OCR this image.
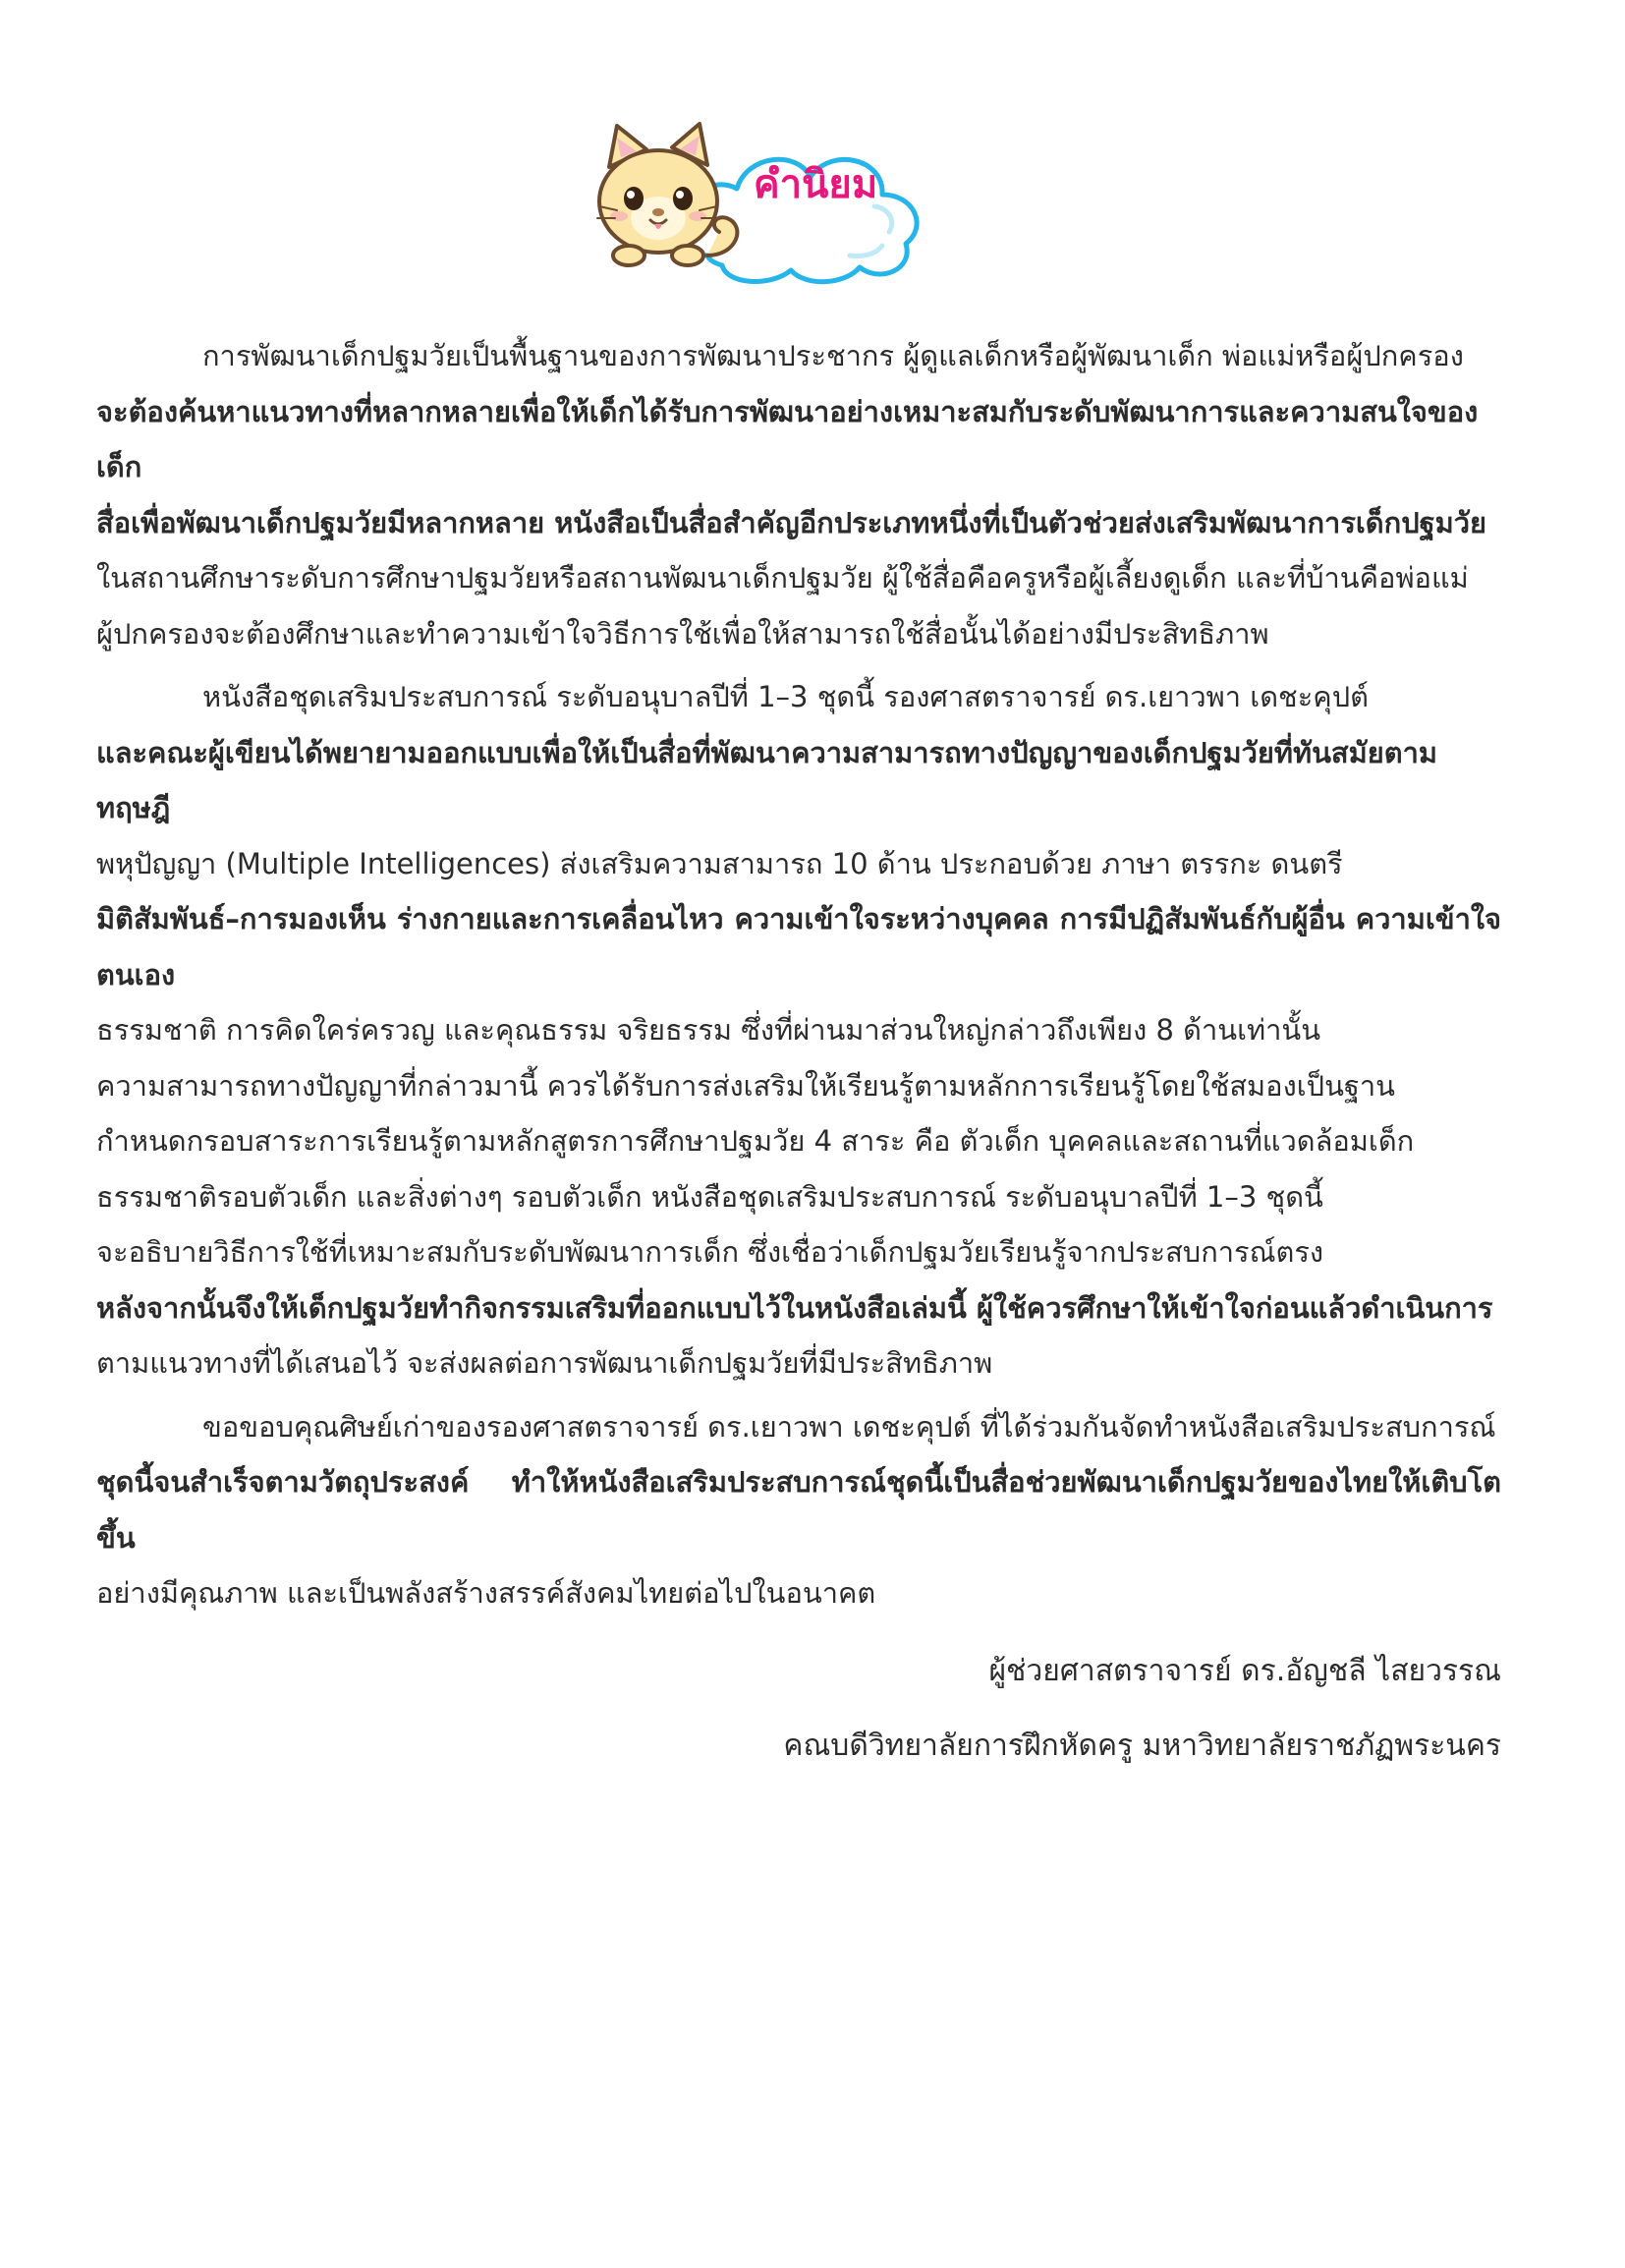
คำนิยม

การพัฒนาเด็กปฐมวัยเป็นพื้นฐานของการพัฒนาประชากร ผู้ดูแลเด็กหรือผู้พัฒนาเด็ก พ่อแม่หรือผู้ปกครอง
จะต้องค้นหาแนวทางที่หลากหลายเพื่อให้เด็กได้รับการพัฒนาอย่างเหมาะสมกับระดับพัฒนาการและความสนใจของเด็ก
สื่อเพื่อพัฒนาเด็กปฐมวัยมีหลากหลาย หนังสือเป็นสื่อสำคัญอีกประเภทหนึ่งที่เป็นตัวช่วยส่งเสริมพัฒนาการเด็กปฐมวัย
ในสถานศึกษาระดับการศึกษาปฐมวัยหรือสถานพัฒนาเด็กปฐมวัย ผู้ใช้สื่อคือครูหรือผู้เลี้ยงดูเด็ก และที่บ้านคือพ่อแม่
ผู้ปกครองจะต้องศึกษาและทำความเข้าใจวิธีการใช้เพื่อให้สามารถใช้สื่อนั้นได้อย่างมีประสิทธิภาพ

หนังสือชุดเสริมประสบการณ์ ระดับอนุบาลปีที่ 1–3 ชุดนี้ รองศาสตราจารย์ ดร.เยาวพา เดชะคุปต์
และคณะผู้เขียนได้พยายามออกแบบเพื่อให้เป็นสื่อที่พัฒนาความสามารถทางปัญญาของเด็กปฐมวัยที่ทันสมัยตามทฤษฎี
พหุปัญญา (Multiple Intelligences) ส่งเสริมความสามารถ 10 ด้าน ประกอบด้วย ภาษา ตรรกะ ดนตรี
มิติสัมพันธ์–การมองเห็น ร่างกายและการเคลื่อนไหว ความเข้าใจระหว่างบุคคล การมีปฏิสัมพันธ์กับผู้อื่น ความเข้าใจตนเอง
ธรรมชาติ การคิดใคร่ครวญ และคุณธรรม จริยธรรม ซึ่งที่ผ่านมาส่วนใหญ่กล่าวถึงเพียง 8 ด้านเท่านั้น
ความสามารถทางปัญญาที่กล่าวมานี้ ควรได้รับการส่งเสริมให้เรียนรู้ตามหลักการเรียนรู้โดยใช้สมองเป็นฐาน
กำหนดกรอบสาระการเรียนรู้ตามหลักสูตรการศึกษาปฐมวัย 4 สาระ คือ ตัวเด็ก บุคคลและสถานที่แวดล้อมเด็ก
ธรรมชาติรอบตัวเด็ก และสิ่งต่างๆ รอบตัวเด็ก หนังสือชุดเสริมประสบการณ์ ระดับอนุบาลปีที่ 1–3 ชุดนี้
จะอธิบายวิธีการใช้ที่เหมาะสมกับระดับพัฒนาการเด็ก ซึ่งเชื่อว่าเด็กปฐมวัยเรียนรู้จากประสบการณ์ตรง
หลังจากนั้นจึงให้เด็กปฐมวัยทำกิจกรรมเสริมที่ออกแบบไว้ในหนังสือเล่มนี้ ผู้ใช้ควรศึกษาให้เข้าใจก่อนแล้วดำเนินการ
ตามแนวทางที่ได้เสนอไว้ จะส่งผลต่อการพัฒนาเด็กปฐมวัยที่มีประสิทธิภาพ

ขอขอบคุณศิษย์เก่าของรองศาสตราจารย์ ดร.เยาวพา เดชะคุปต์ ที่ได้ร่วมกันจัดทำหนังสือเสริมประสบการณ์
ชุดนี้จนสำเร็จตามวัตถุประสงค์ ทำให้หนังสือเสริมประสบการณ์ชุดนี้เป็นสื่อช่วยพัฒนาเด็กปฐมวัยของไทยให้เติบโตขึ้น
อย่างมีคุณภาพ และเป็นพลังสร้างสรรค์สังคมไทยต่อไปในอนาคต

ผู้ช่วยศาสตราจารย์ ดร.อัญชลี ไสยวรรณ
คณบดีวิทยาลัยการฝึกหัดครู มหาวิทยาลัยราชภัฏพระนคร
